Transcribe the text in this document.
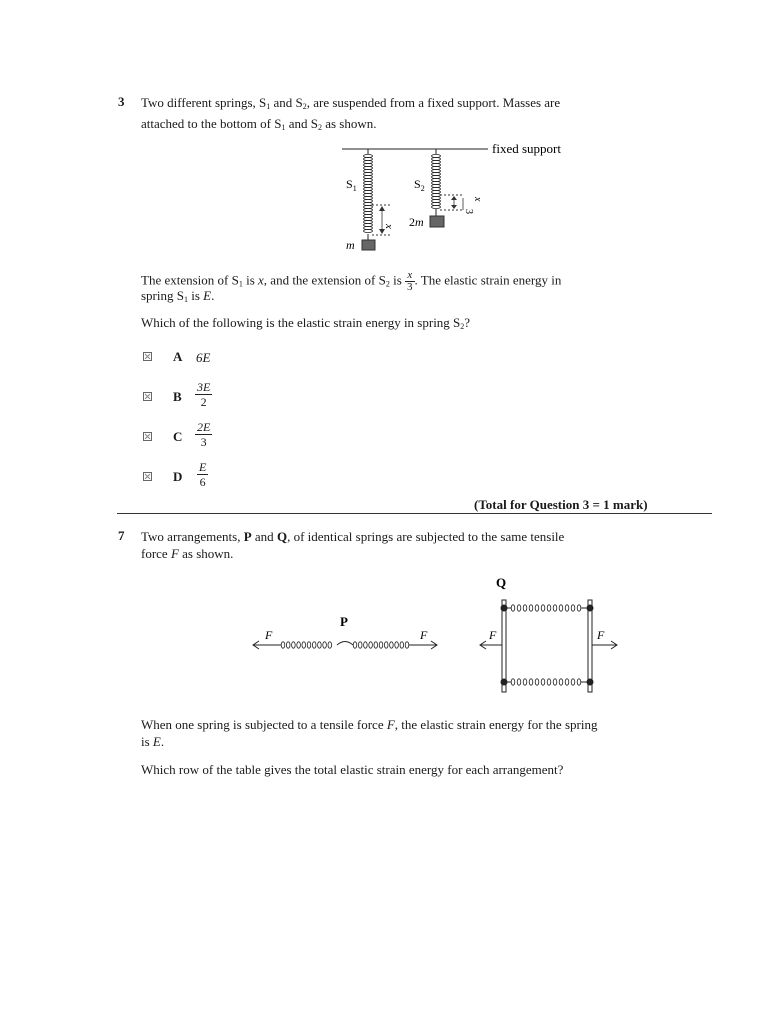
3 Two different springs, $S_1$ and $S_2$, are suspended from a fixed support. Masses are
attached to the bottom of $S_1$ and $S_2$ as shown.
fixed support
m
$S_1$
x 2m
$S_2$
x
3
The extension of $S_1$ is x, and the extension of $S_2$ is $\frac{x}{3}$ . The elastic strain energy in
spring $S_1$ is E.
Which of the following is the elastic strain energy in spring $S_2$?
A 6E
B $\frac{3E}{2}$
C $\frac{2E}{3}$
D $\frac{E}{6}$
(Total for Question 3 = 1 mark)
7 Two arrangements, P and Q, of identical springs are subjected to the same tensile
force F as shown.
P
F	F
Q
F	F
When one spring is subjected to a tensile force F, the elastic strain energy for the spring
is E.
Which row of the table gives the total elastic strain energy for each arrangement?
